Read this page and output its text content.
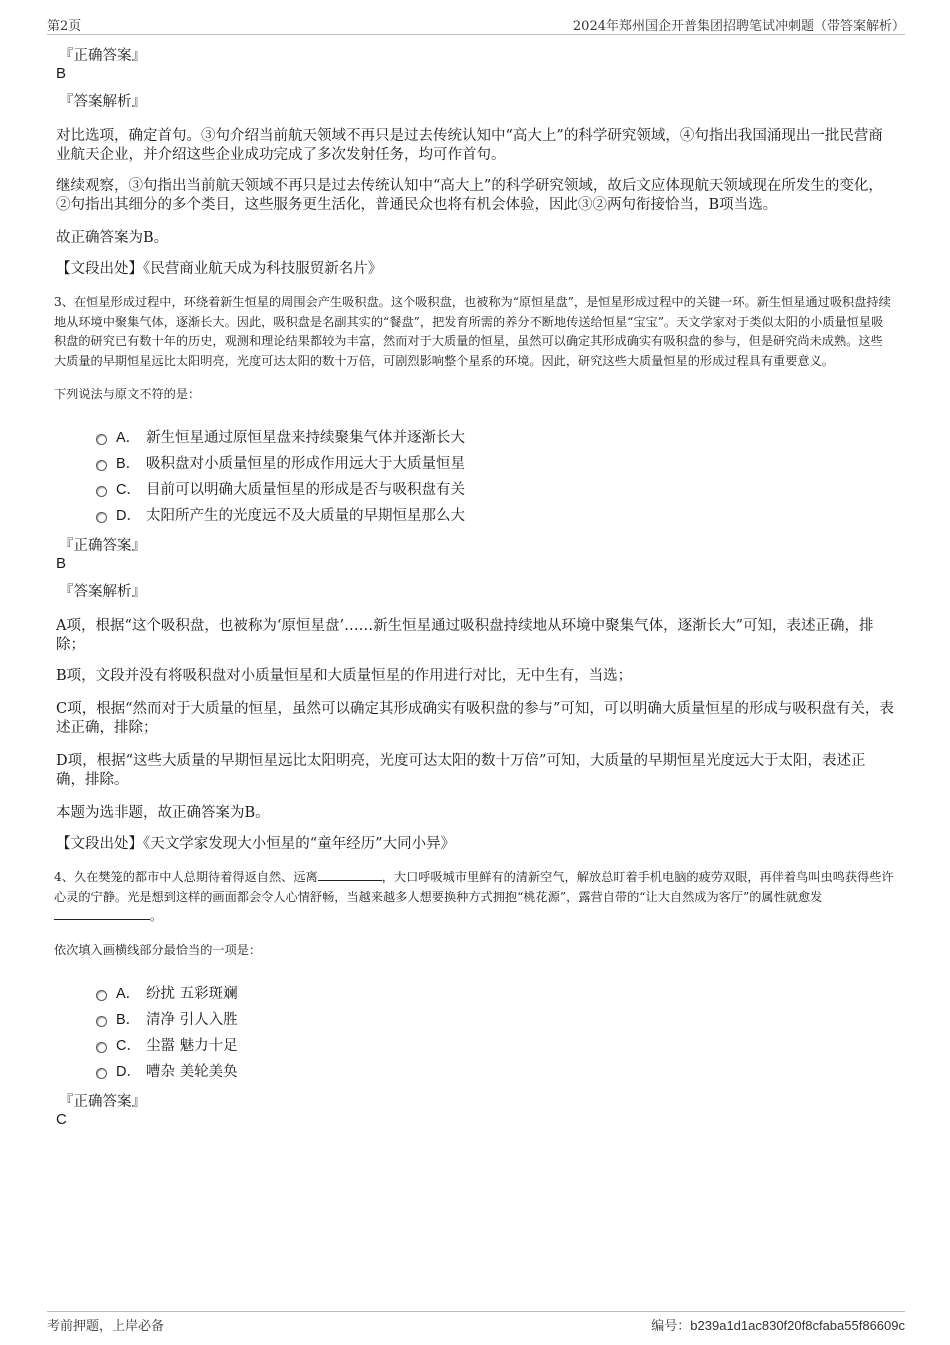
第2页	2024年郑州国企开普集团招聘笔试冲刺题（带答案解析）

『正确答案』

B

『答案解析』

对比选项，确定首句。③句介绍当前航天领域不再只是过去传统认知中“高大上”的科学研究领域，④句指出我国涌现出一批民营商业航天企业，并介绍这些企业成功完成了多次发射任务，均可作首句。

继续观察，③句指出当前航天领域不再只是过去传统认知中“高大上”的科学研究领域，故后文应体现航天领域现在所发生的变化，②句指出其细分的多个类目，这些服务更生活化，普通民众也将有机会体验，因此③②两句衔接恰当，B项当选。

故正确答案为B。

【文段出处】《民营商业航天成为科技服贸新名片》

3、在恒星形成过程中，环绕着新生恒星的周围会产生吸积盘。这个吸积盘，也被称为“原恒星盘”，是恒星形成过程中的关键一环。新生恒星通过吸积盘持续地从环境中聚集气体，逐渐长大。因此，吸积盘是名副其实的“餐盘”，把发育所需的养分不断地传送给恒星“宝宝”。天文学家对于类似太阳的小质量恒星吸积盘的研究已有数十年的历史，观测和理论结果都较为丰富，然而对于大质量的恒星，虽然可以确定其形成确实有吸积盘的参与，但是研究尚未成熟。这些大质量的早期恒星远比太阳明亮，光度可达太阳的数十万倍，可剧烈影响整个星系的环境。因此，研究这些大质量恒星的形成过程具有重要意义。

下列说法与原文不符的是：

A． 新生恒星通过原恒星盘来持续聚集气体并逐渐长大
B． 吸积盘对小质量恒星的形成作用远大于大质量恒星
C． 目前可以明确大质量恒星的形成是否与吸积盘有关
D． 太阳所产生的光度远不及大质量的早期恒星那么大

『正确答案』

B

『答案解析』

A项，根据“这个吸积盘，也被称为‘原恒星盘’……新生恒星通过吸积盘持续地从环境中聚集气体，逐渐长大”可知，表述正确，排除；

B项，文段并没有将吸积盘对小质量恒星和大质量恒星的作用进行对比，无中生有，当选；

C项，根据“然而对于大质量的恒星，虽然可以确定其形成确实有吸积盘的参与”可知，可以明确大质量恒星的形成与吸积盘有关，表述正确，排除；

D项，根据“这些大质量的早期恒星远比太阳明亮，光度可达太阳的数十万倍”可知，大质量的早期恒星光度远大于太阳，表述正确，排除。

本题为选非题，故正确答案为B。

【文段出处】《天文学家发现大小恒星的“童年经历”大同小异》

4、久在樊笼的都市中人总期待着得返自然、远离	，大口呼吸城市里鲜有的清新空气，解放总盯着手机电脑的疲劳双眼，再伴着鸟叫虫鸣获得些许心灵的宁静。光是想到这样的画面都会令人心情舒畅，当越来越多人想要换种方式拥抱“桃花源”，露营自带的“让大自然成为客厅”的属性就愈发。

依次填入画横线部分最恰当的一项是：

A． 纷扰 五彩斑斓
B． 清净 引人入胜
C． 尘嚣 魅力十足
D． 嘈杂 美轮美奂

『正确答案』

C

考前押题，上岸必备	编号：b239a1d1ac830f20f8cfaba55f86609c
